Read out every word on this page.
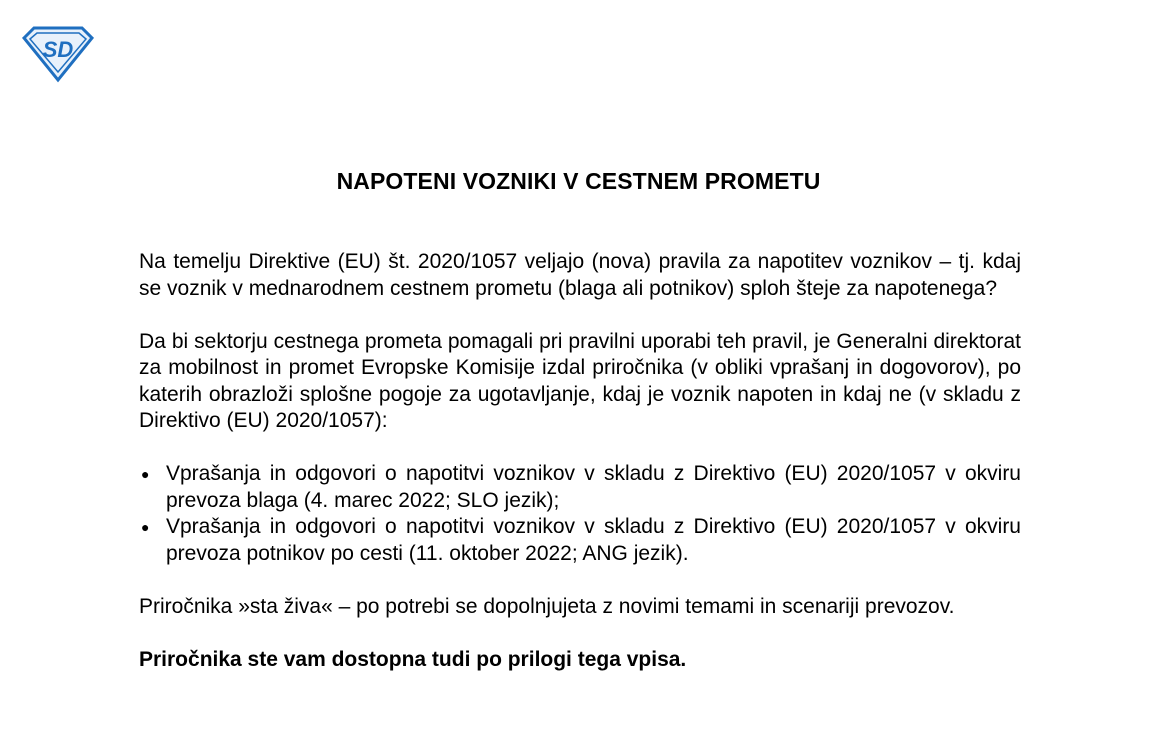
SD
NAPOTENI VOZNIKI V CESTNEM PROMETU

Na temelju Direktive (EU) št. 2020/1057 veljajo (nova) pravila za napotitev voznikov – tj. kdaj se voznik v mednarodnem cestnem prometu (blaga ali potnikov) sploh šteje za napotenega?

Da bi sektorju cestnega prometa pomagali pri pravilni uporabi teh pravil, je Generalni direktorat za mobilnost in promet Evropske Komisije izdal priročnika (v obliki vprašanj in dogovorov), po katerih obrazloži splošne pogoje za ugotavljanje, kdaj je voznik napoten in kdaj ne (v skladu z Direktivo (EU) 2020/1057):

● Vprašanja in odgovori o napotitvi voznikov v skladu z Direktivo (EU) 2020/1057 v okviru prevoza blaga (4. marec 2022; SLO jezik);
● Vprašanja in odgovori o napotitvi voznikov v skladu z Direktivo (EU) 2020/1057 v okviru prevoza potnikov po cesti (11. oktober 2022; ANG jezik).

Priročnika »sta živa« – po potrebi se dopolnjujeta z novimi temami in scenariji prevozov.

Priročnika ste vam dostopna tudi po prilogi tega vpisa.
